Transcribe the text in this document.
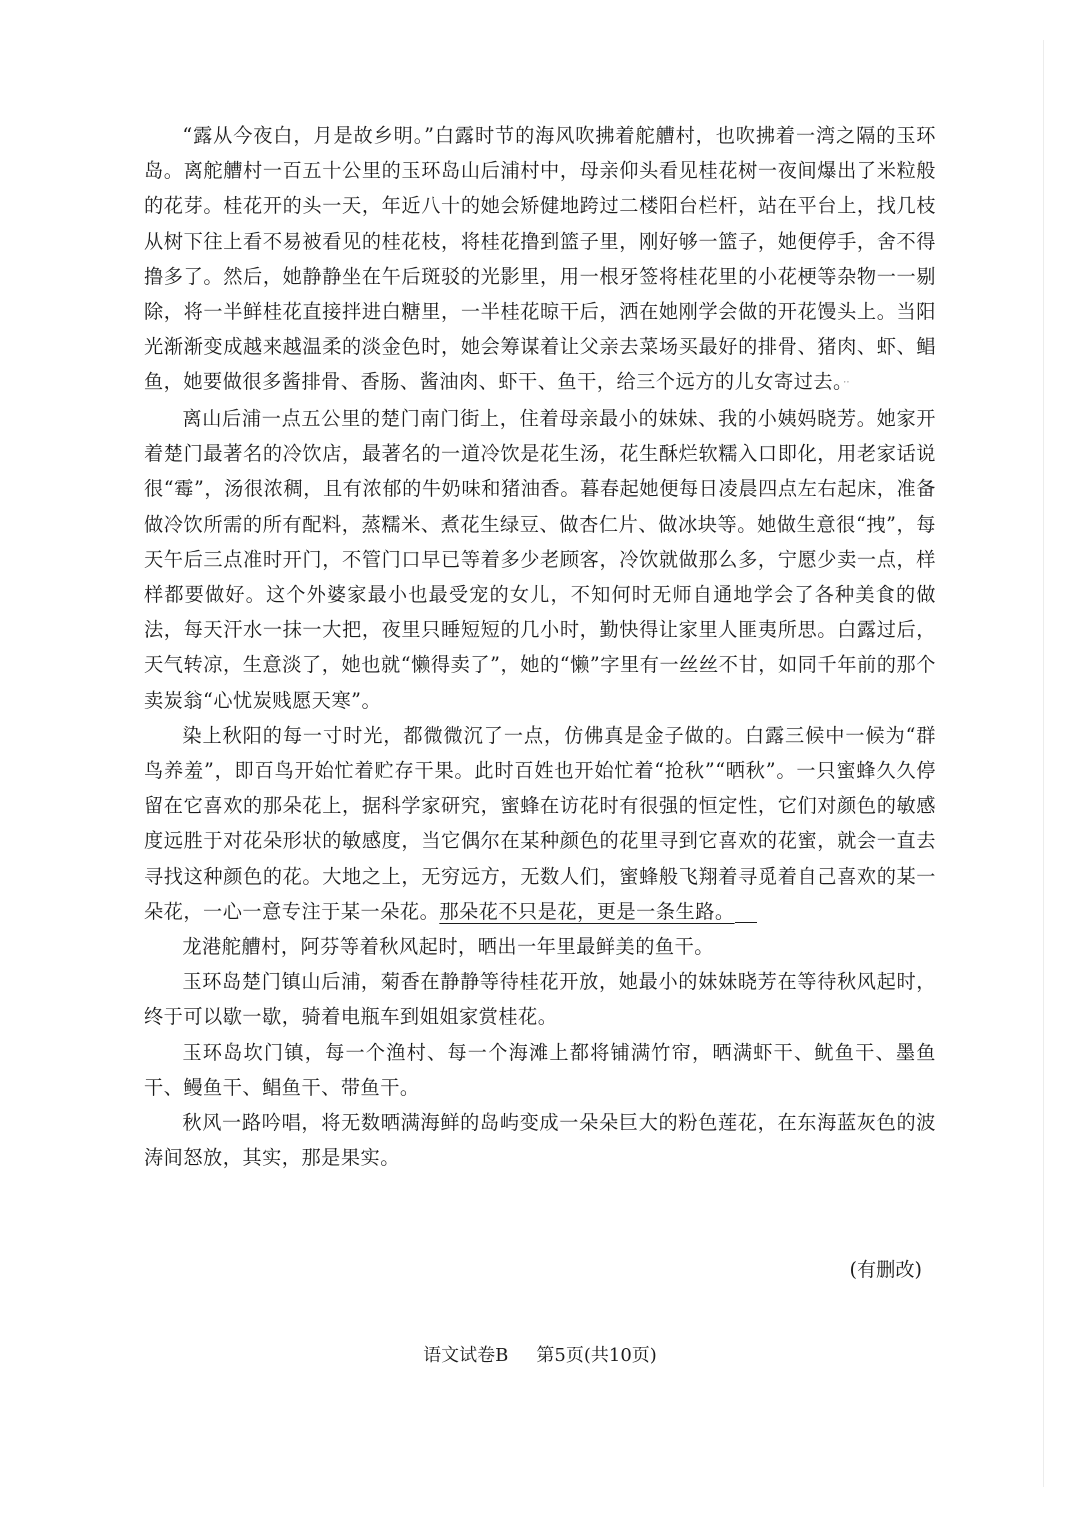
“露从今夜白，月是故乡明。”白露时节的海风吹拂着舵艚村，也吹拂着一湾之隔的玉环岛。离舵艚村一百五十公里的玉环岛山后浦村中，母亲仰头看见桂花树一夜间爆出了米粒般的花芽。桂花开的头一天，年近八十的她会矫健地跨过二楼阳台栏杆，站在平台上，找几枝从树下往上看不易被看见的桂花枝，将桂花撸到篮子里，刚好够一篮子，她便停手，舍不得撸多了。然后，她静静坐在午后斑驳的光影里，用一根牙签将桂花里的小花梗等杂物一一剔除，将一半鲜桂花直接拌进白糖里，一半桂花晾干后，洒在她刚学会做的开花馒头上。当阳光渐渐变成越来越温柔的淡金色时，她会筹谋着让父亲去菜场买最好的排骨、猪肉、虾、鲳鱼，她要做很多酱排骨、香肠、酱油肉、虾干、鱼干，给三个远方的儿女寄过去。··

离山后浦一点五公里的楚门南门街上，住着母亲最小的妹妹、我的小姨妈晓芳。她家开着楚门最著名的冷饮店，最著名的一道冷饮是花生汤，花生酥烂软糯入口即化，用老家话说很“霉”，汤很浓稠，且有浓郁的牛奶味和猪油香。暮春起她便每日凌晨四点左右起床，准备做冷饮所需的所有配料，蒸糯米、煮花生绿豆、做杏仁片、做冰块等。她做生意很“拽”，每天午后三点准时开门，不管门口早已等着多少老顾客，冷饮就做那么多，宁愿少卖一点，样样都要做好。这个外婆家最小也最受宠的女儿，不知何时无师自通地学会了各种美食的做法，每天汗水一抹一大把，夜里只睡短短的几小时，勤快得让家里人匪夷所思。白露过后，天气转凉，生意淡了，她也就“懒得卖了”，她的“懒”字里有一丝丝不甘，如同千年前的那个卖炭翁“心忧炭贱愿天寒”。

染上秋阳的每一寸时光，都微微沉了一点，仿佛真是金子做的。白露三候中一候为“群鸟养羞”，即百鸟开始忙着贮存干果。此时百姓也开始忙着“抢秋”“晒秋”。一只蜜蜂久久停留在它喜欢的那朵花上，据科学家研究，蜜蜂在访花时有很强的恒定性，它们对颜色的敏感度远胜于对花朵形状的敏感度，当它偶尔在某种颜色的花里寻到它喜欢的花蜜，就会一直去寻找这种颜色的花。大地之上，无穷远方，无数人们，蜜蜂般飞翔着寻觅着自己喜欢的某一朵花，一心一意专注于某一朵花。那朵花不只是花，更是一条生路。

龙港舵艚村，阿芬等着秋风起时，晒出一年里最鲜美的鱼干。

玉环岛楚门镇山后浦，菊香在静静等待桂花开放，她最小的妹妹晓芳在等待秋风起时，终于可以歇一歇，骑着电瓶车到姐姐家赏桂花。

玉环岛坎门镇，每一个渔村、每一个海滩上都将铺满竹帘，晒满虾干、鱿鱼干、墨鱼干、鳗鱼干、鲳鱼干、带鱼干。

秋风一路吟唱，将无数晒满海鲜的岛屿变成一朵朵巨大的粉色莲花，在东海蓝灰色的波涛间怒放，其实，那是果实。

(有删改)

语文试卷B 第5页(共10页)
